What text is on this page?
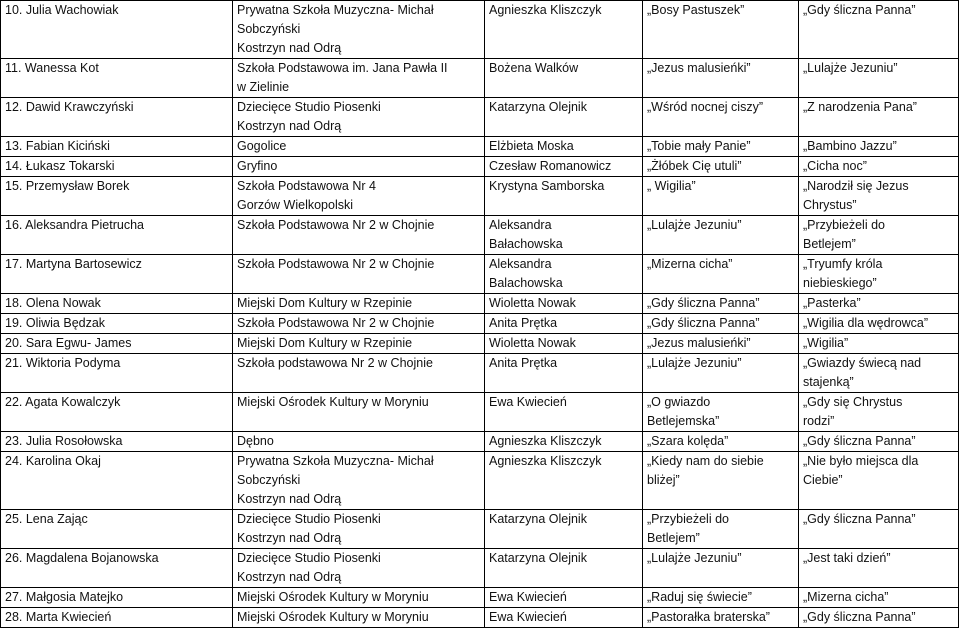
10. Julia Wachowiak	Prywatna Szkoła Muzyczna- Michał
Sobczyński
Kostrzyn nad Odrą	Agnieszka Kliszczyk	„Bosy Pastuszek”	„Gdy śliczna Panna”
11. Wanessa Kot	Szkoła Podstawowa im. Jana Pawła II
w Zielinie	Bożena Walków	„Jezus malusieńki”	„Lulajże Jezuniu”
12. Dawid Krawczyński	Dziecięce Studio Piosenki
Kostrzyn nad Odrą	Katarzyna Olejnik	„Wśród nocnej ciszy”	„Z narodzenia Pana”
13. Fabian Kiciński	Gogolice	Elżbieta Moska	„Tobie mały Panie”	„Bambino Jazzu”
14. Łukasz Tokarski	Gryfino	Czesław Romanowicz	„Żłóbek Cię utuli”	„Cicha noc”
15. Przemysław Borek	Szkoła Podstawowa Nr 4
Gorzów Wielkopolski	Krystyna Samborska	„ Wigilia”	„Narodził się Jezus
Chrystus”
16. Aleksandra Pietrucha	Szkoła Podstawowa Nr 2 w Chojnie	Aleksandra
Bałachowska	„Lulajże Jezuniu”	„Przybieżeli do
Betlejem”
17. Martyna Bartosewicz	Szkoła Podstawowa Nr 2 w Chojnie	Aleksandra
Balachowska	„Mizerna cicha”	„Tryumfy króla
niebieskiego”
18. Olena Nowak	Miejski Dom Kultury w Rzepinie	Wioletta Nowak	„Gdy śliczna Panna”	„Pasterka”
19. Oliwia Będzak	Szkoła Podstawowa Nr 2 w Chojnie	Anita Prętka	„Gdy śliczna Panna”	„Wigilia dla wędrowca”
20. Sara Egwu- James	Miejski Dom Kultury w Rzepinie	Wioletta Nowak	„Jezus malusieńki”	„Wigilia”
21. Wiktoria Podyma	Szkoła podstawowa Nr 2 w Chojnie	Anita Prętka	„Lulajże Jezuniu”	„Gwiazdy świecą nad
stajenką”
22. Agata Kowalczyk	Miejski Ośrodek Kultury w Moryniu	Ewa Kwiecień	„O gwiazdo
Betlejemska”	„Gdy się Chrystus
rodzi”
23. Julia Rosołowska	Dębno	Agnieszka Kliszczyk	„Szara kolęda”	„Gdy śliczna Panna”
24. Karolina Okaj	Prywatna Szkoła Muzyczna- Michał
Sobczyński
Kostrzyn nad Odrą	Agnieszka Kliszczyk	„Kiedy nam do siebie
bliżej”	„Nie było miejsca dla
Ciebie”
25. Lena Zając	Dziecięce Studio Piosenki
Kostrzyn nad Odrą	Katarzyna Olejnik	„Przybieżeli do
Betlejem”	„Gdy śliczna Panna”
26. Magdalena Bojanowska	Dziecięce Studio Piosenki
Kostrzyn nad Odrą	Katarzyna Olejnik	„Lulajże Jezuniu”	„Jest taki dzień”
27. Małgosia Matejko	Miejski Ośrodek Kultury w Moryniu	Ewa Kwiecień	„Raduj się świecie”	„Mizerna cicha”
28. Marta Kwiecień	Miejski Ośrodek Kultury w Moryniu	Ewa Kwiecień	„Pastorałka braterska”	„Gdy śliczna Panna”
